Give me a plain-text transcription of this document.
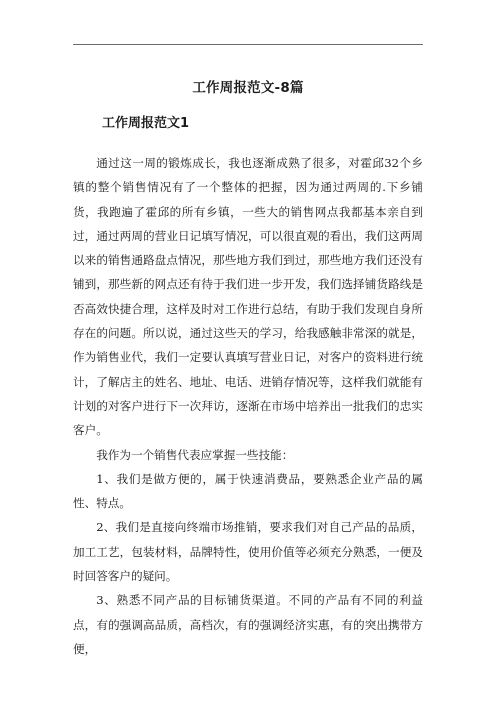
工作周报范文-8篇
工作周报范文1

通过这一周的锻炼成长，我也逐渐成熟了很多，对霍邱32个乡镇的整个销售情况有了一个整体的把握，因为通过两周的.下乡铺货，我跑遍了霍邱的所有乡镇，一些大的销售网点我都基本亲自到过，通过两周的营业日记填写情况，可以很直观的看出，我们这两周以来的销售通路盘点情况，那些地方我们到过，那些地方我们还没有铺到，那些新的网点还有待于我们进一步开发，我们选择铺货路线是否高效快捷合理，这样及时对工作进行总结，有助于我们发现自身所存在的问题。所以说，通过这些天的学习，给我感触非常深的就是，作为销售业代，我们一定要认真填写营业日记，对客户的资料进行统计，了解店主的姓名、地址、电话、进销存情况等，这样我们就能有计划的对客户进行下一次拜访，逐渐在市场中培养出一批我们的忠实客户。

我作为一个销售代表应掌握一些技能：

1、我们是做方便的，属于快速消费品，要熟悉企业产品的属性、特点。

2、我们是直接向终端市场推销，要求我们对自己产品的品质，加工工艺，包装材料，品牌特性，使用价值等必须充分熟悉，一便及时回答客户的疑问。

3、熟悉不同产品的目标铺货渠道。不同的产品有不同的利益点，有的强调高品质，高档次，有的强调经济实惠，有的突出携带方便，
